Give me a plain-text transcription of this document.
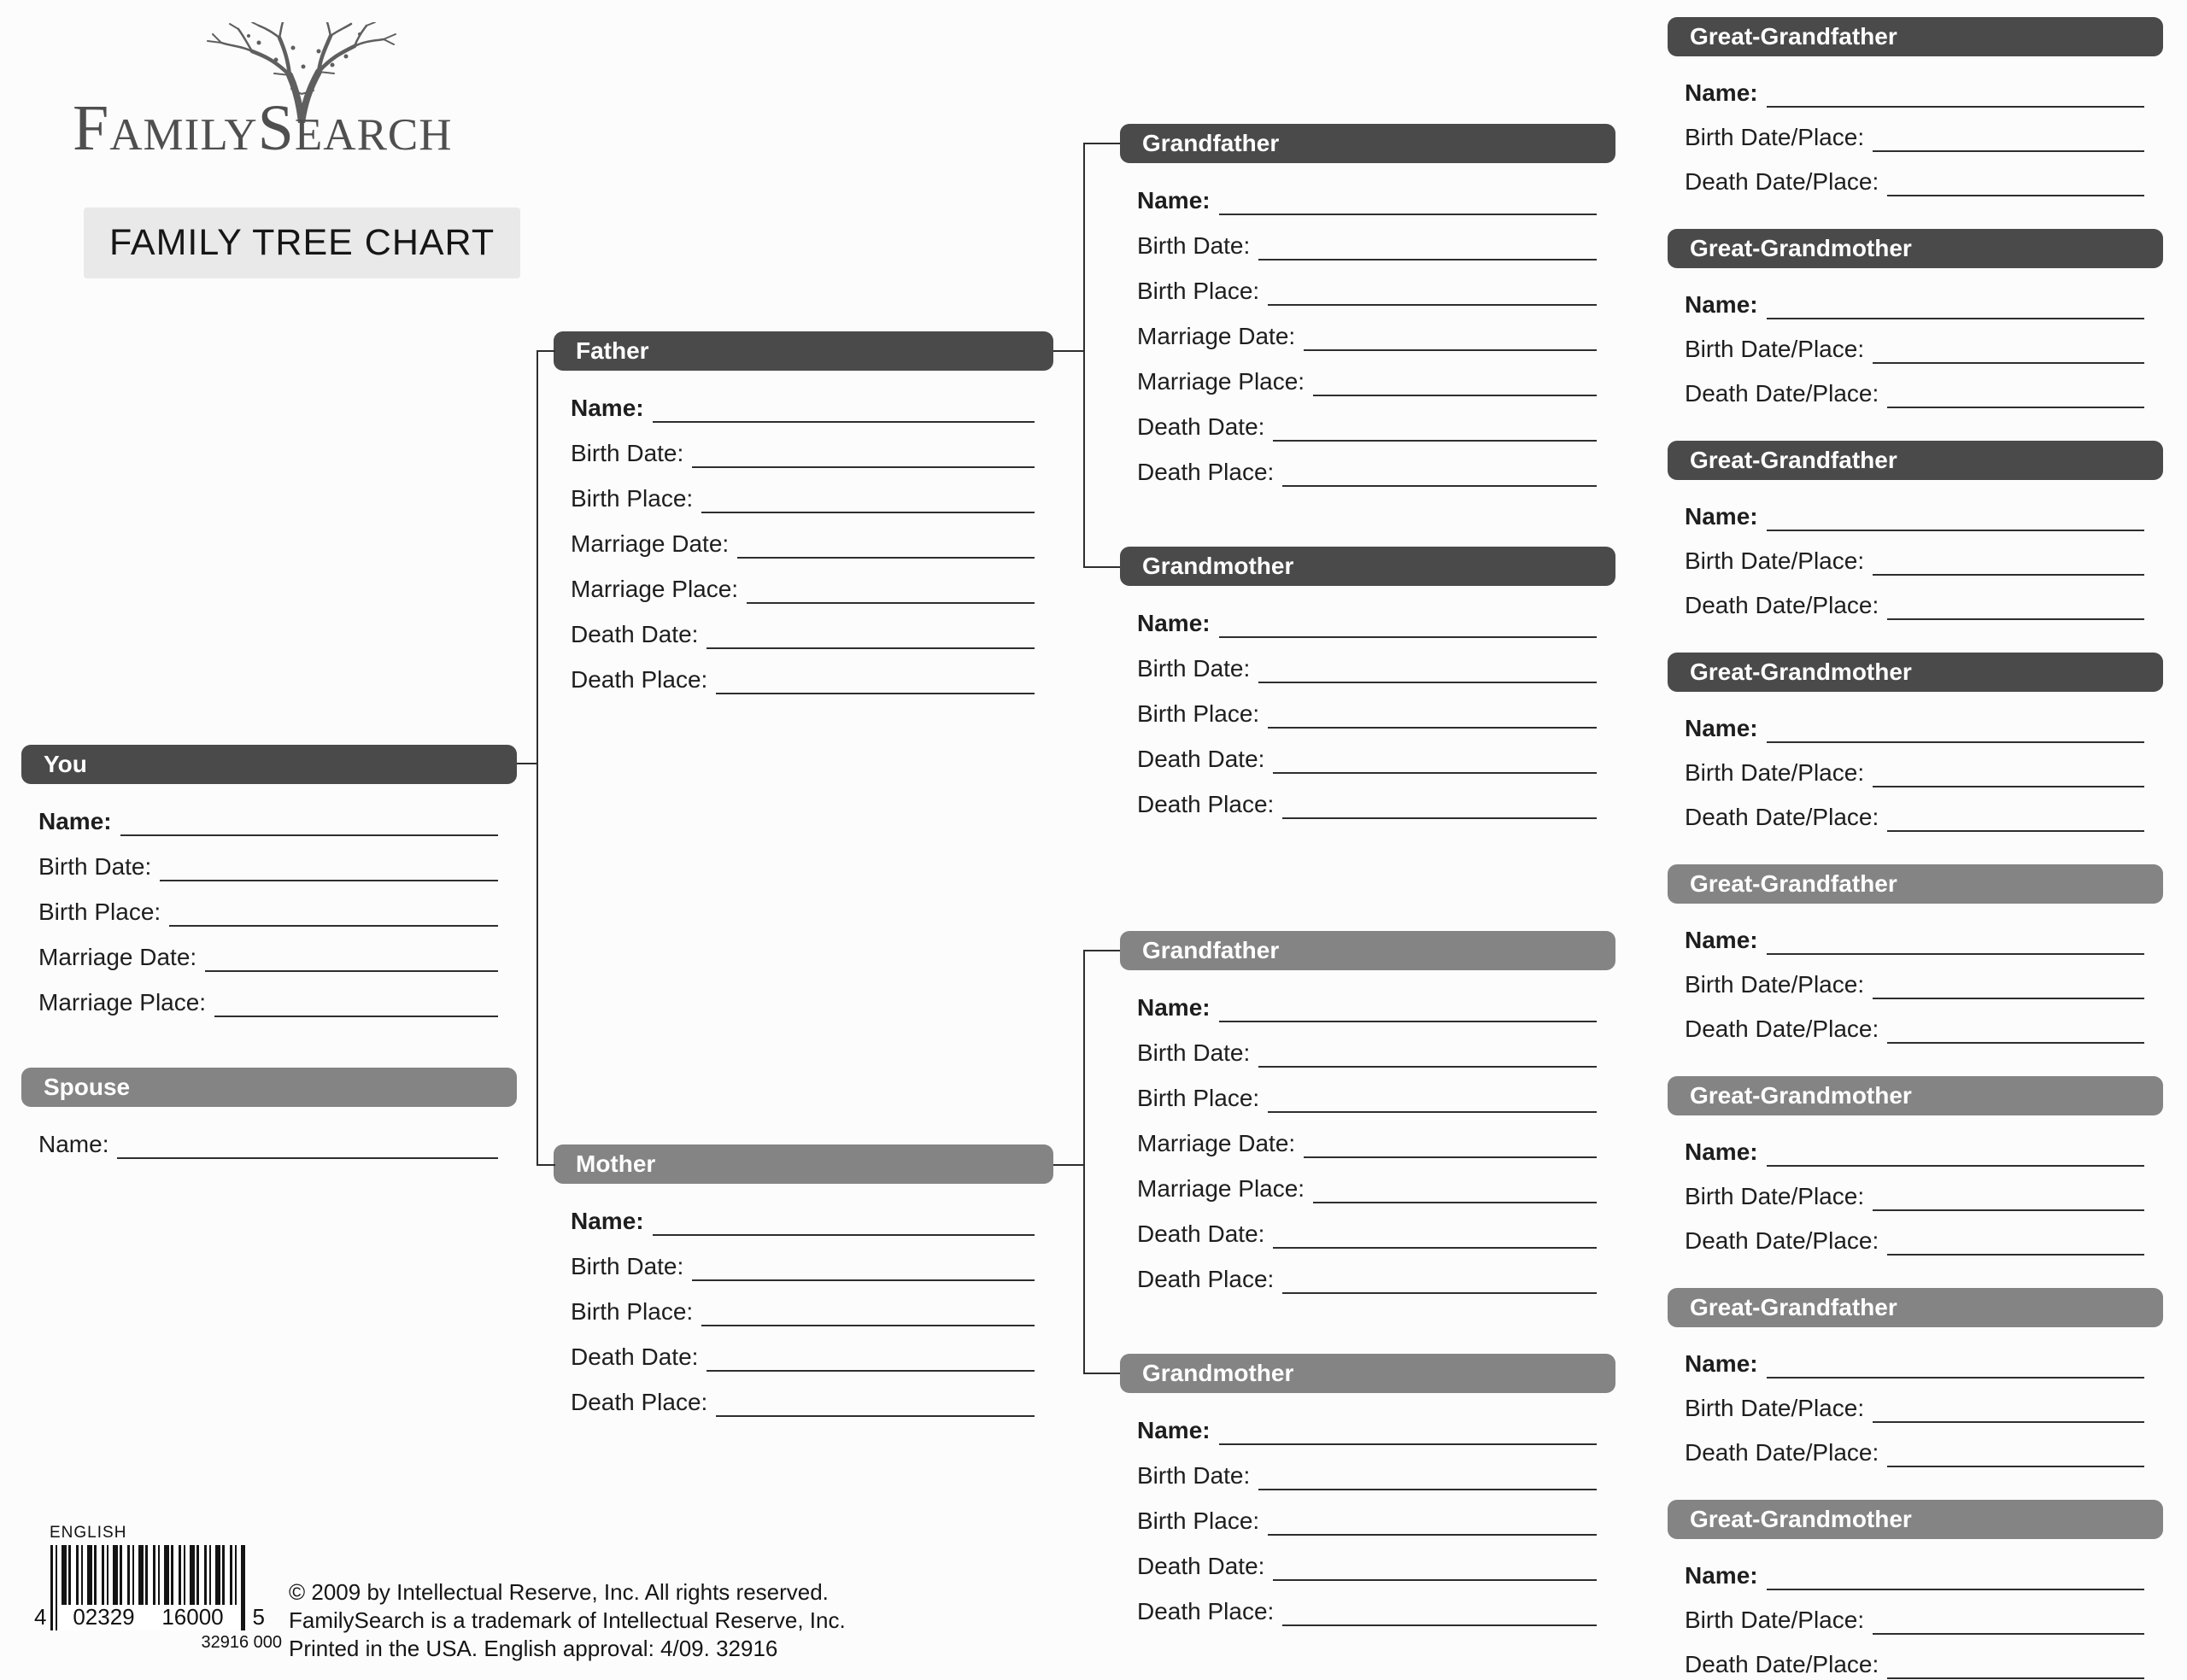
FamilySearch
FAMILY TREE CHART
You
Name:
Birth Date:
Birth Place:
Marriage Date:
Marriage Place:
Spouse
Name:
Father
Name:
Birth Date:
Birth Place:
Marriage Date:
Marriage Place:
Death Date:
Death Place:
Mother
Name:
Birth Date:
Birth Place:
Death Date:
Death Place:
Grandfather
Name:
Birth Date:
Birth Place:
Marriage Date:
Marriage Place:
Death Date:
Death Place:
Grandmother
Name:
Birth Date:
Birth Place:
Death Date:
Death Place:
Grandfather
Name:
Birth Date:
Birth Place:
Marriage Date:
Marriage Place:
Death Date:
Death Place:
Grandmother
Name:
Birth Date:
Birth Place:
Death Date:
Death Place:
Great-Grandfather
Name:
Birth Date/Place:
Death Date/Place:
Great-Grandmother
Name:
Birth Date/Place:
Death Date/Place:
Great-Grandfather
Name:
Birth Date/Place:
Death Date/Place:
Great-Grandmother
Name:
Birth Date/Place:
Death Date/Place:
Great-Grandfather
Name:
Birth Date/Place:
Death Date/Place:
Great-Grandmother
Name:
Birth Date/Place:
Death Date/Place:
Great-Grandfather
Name:
Birth Date/Place:
Death Date/Place:
Great-Grandmother
Name:
Birth Date/Place:
Death Date/Place:
ENGLISH
4 02329 16000	5
32916 000
© 2009 by Intellectual Reserve, Inc. All rights reserved.
FamilySearch is a trademark of Intellectual Reserve, Inc.
Printed in the USA. English approval: 4/09. 32916
